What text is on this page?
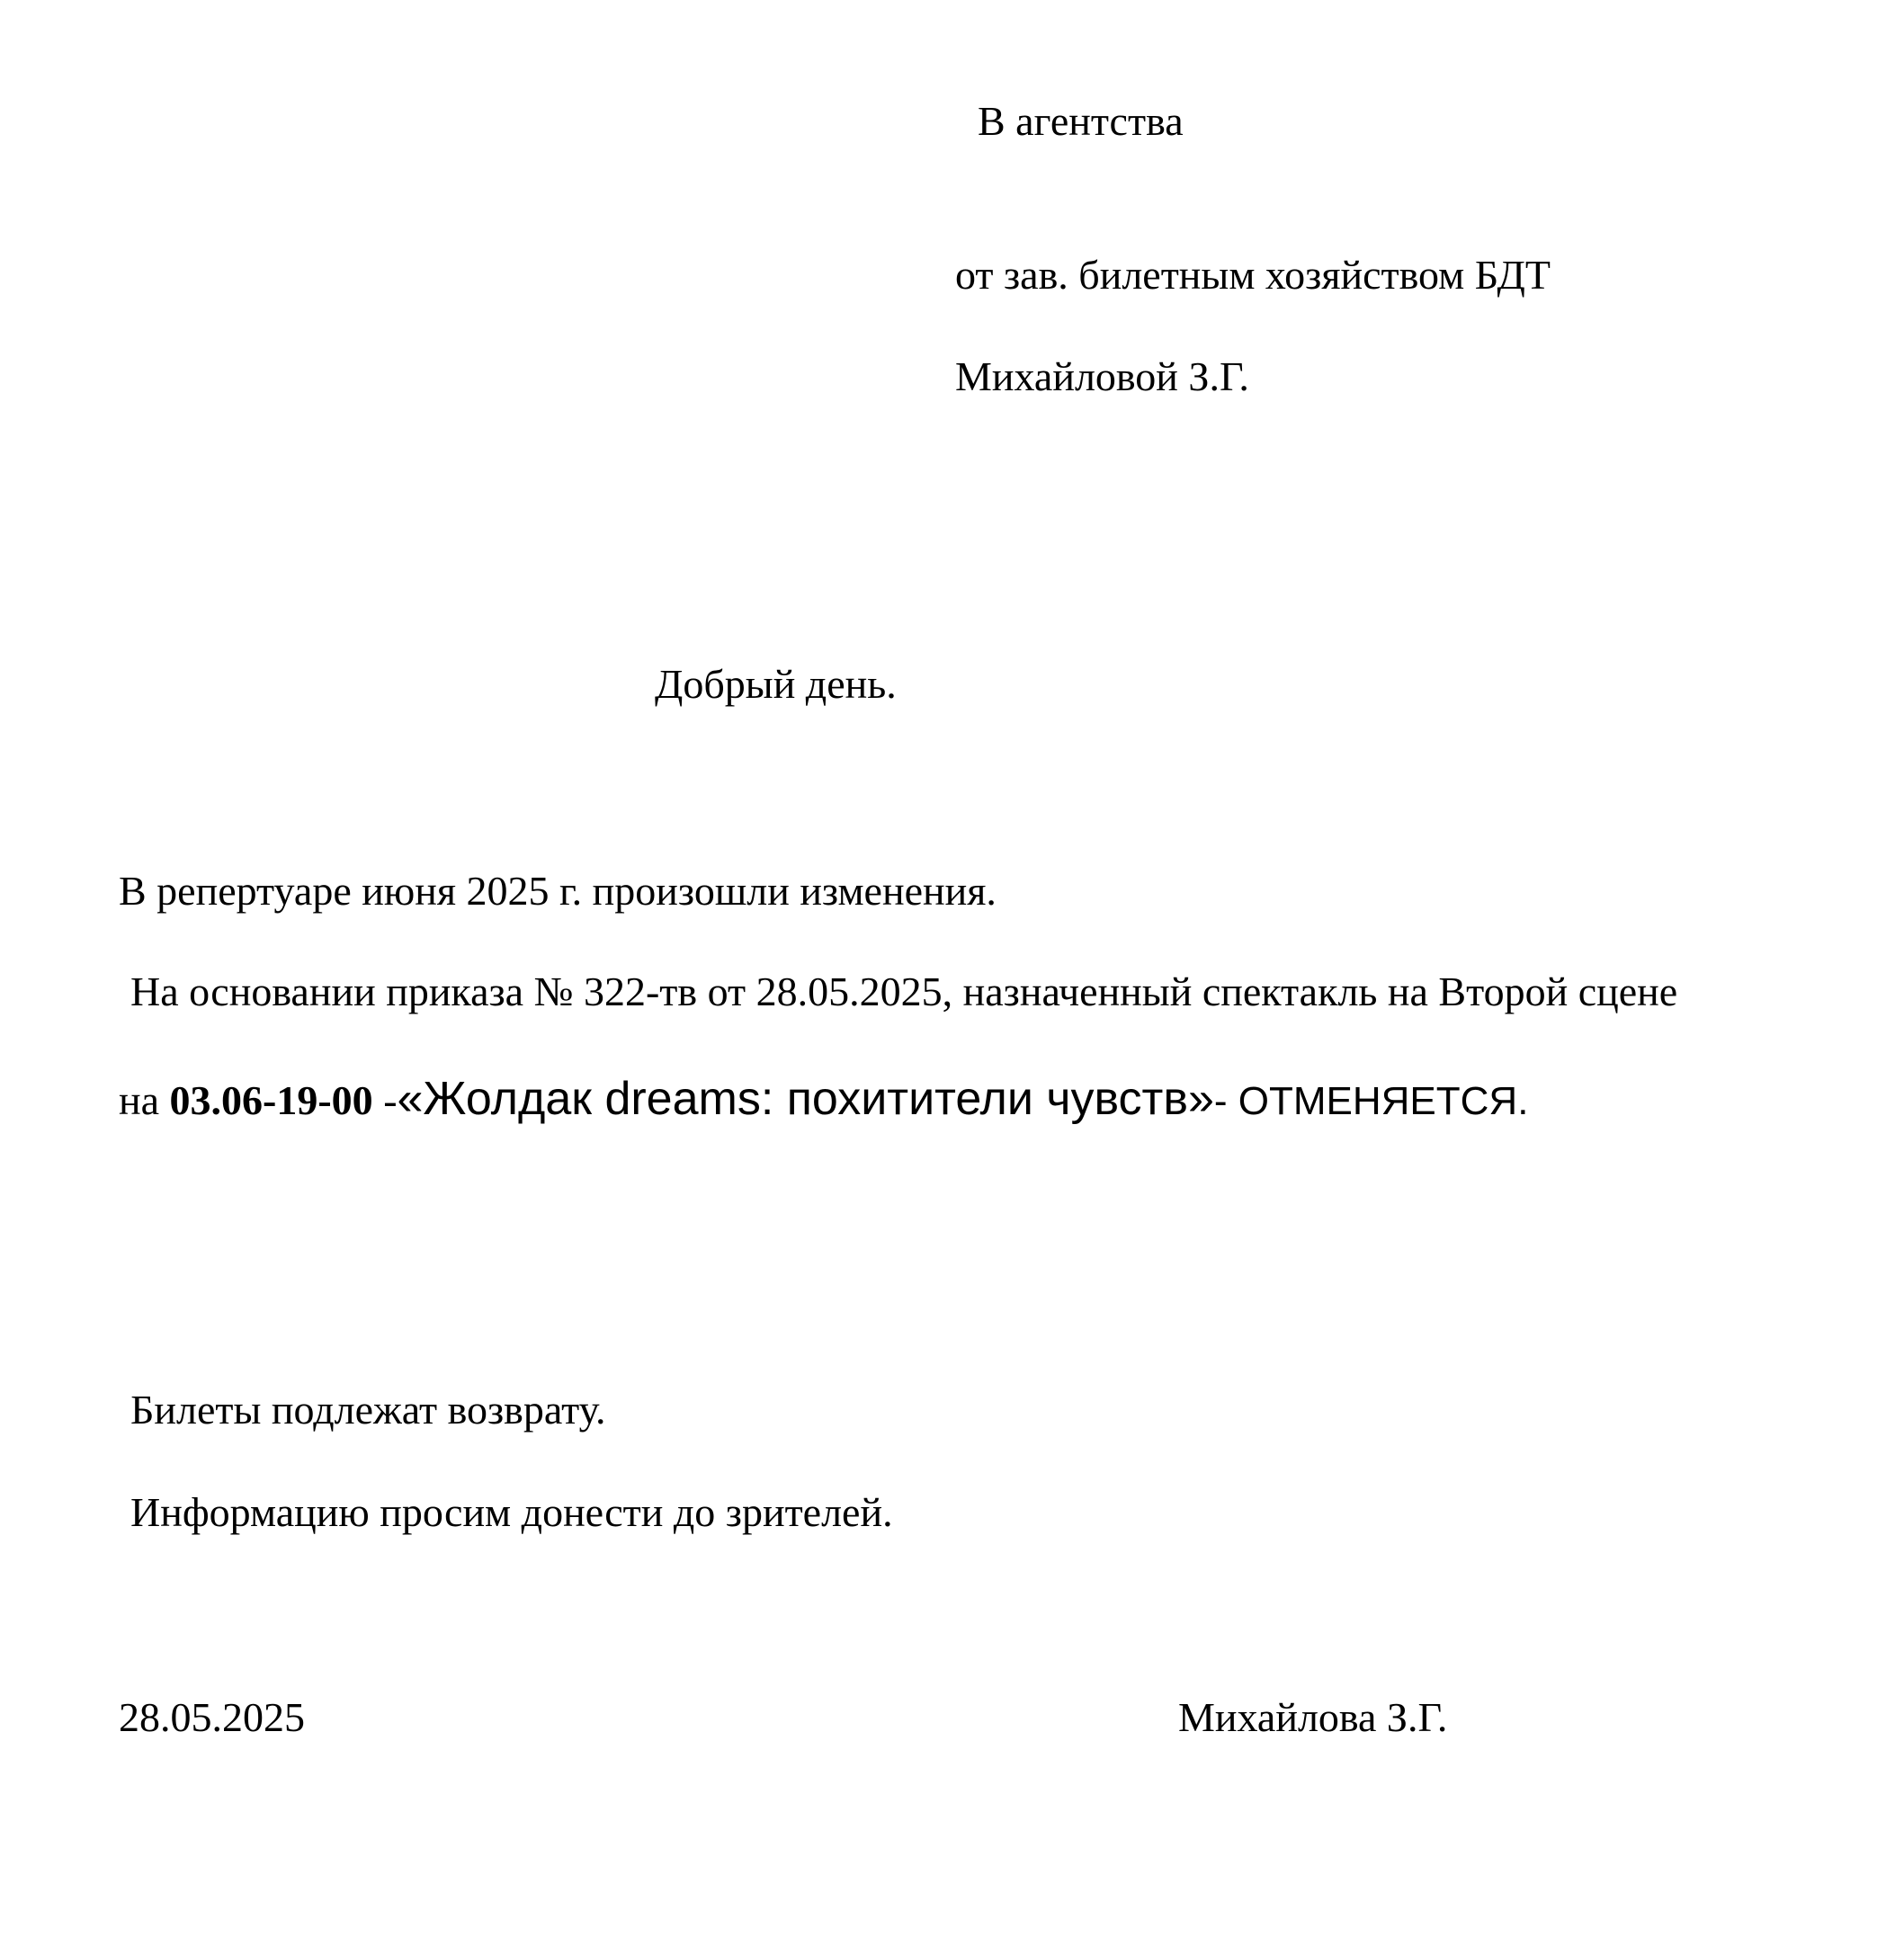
В агентства
от зав. билетным хозяйством БДТ
Михайловой З.Г.
Добрый день.
В репертуаре июня 2025 г. произошли изменения.
На основании приказа № 322-тв от 28.05.2025, назначенный спектакль на Второй сцене
на 03.06-19-00 -«Жолдак dreams: похитители чувств»- ОТМЕНЯЕТСЯ.
Билеты подлежат возврату.
Информацию просим донести до зрителей.
28.05.2025	Михайлова З.Г.
